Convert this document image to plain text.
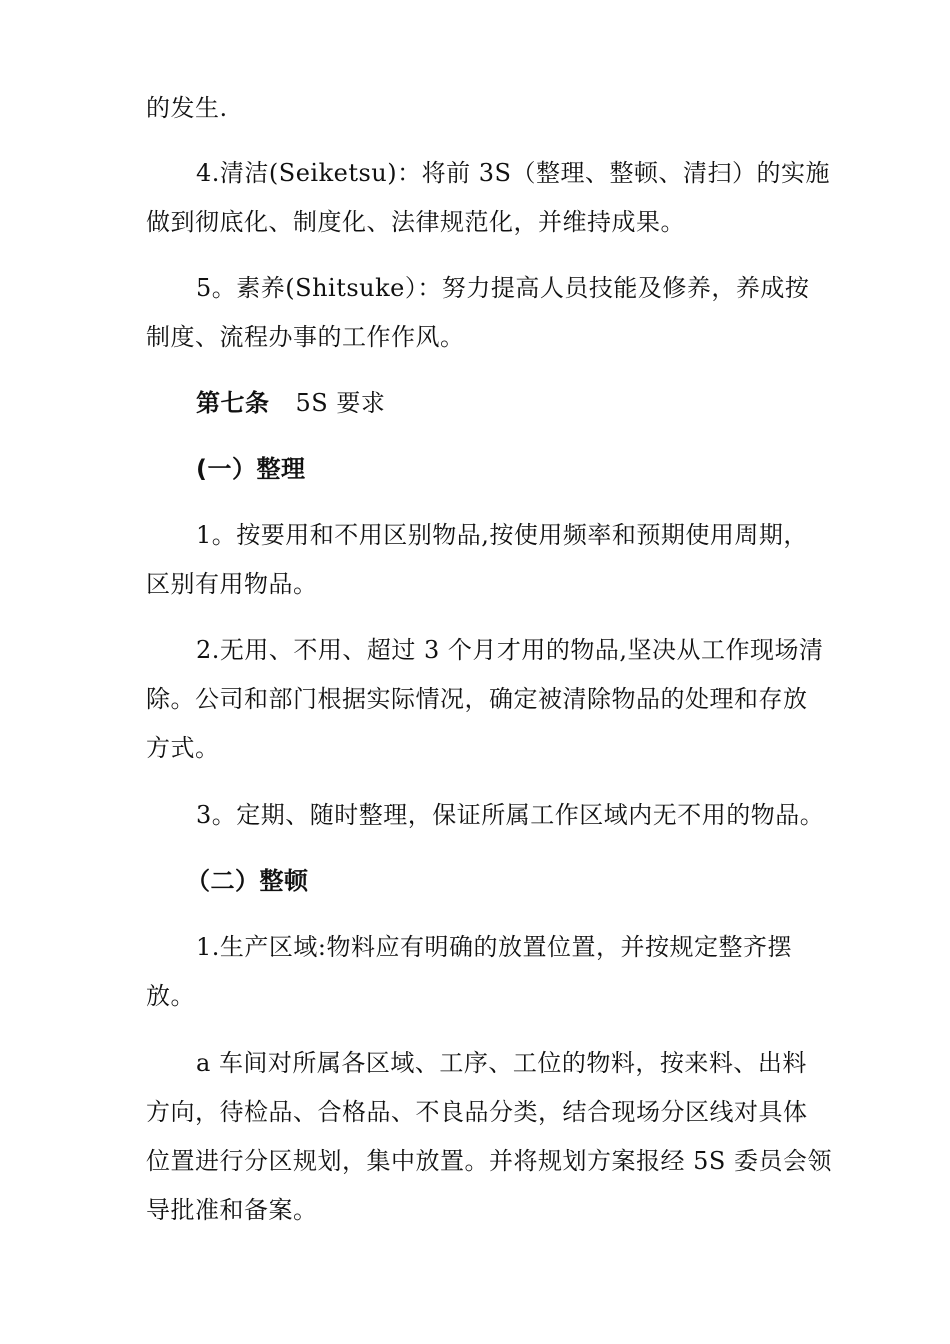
的发生.
4.清洁(Seiketsu)：将前 3S（整理、整顿、清扫）的实施
做到彻底化、制度化、法律规范化，并维持成果。
5。素养(Shitsuke）：努力提高人员技能及修养，养成按
制度、流程办事的工作作风。
第七条 5S 要求
(一）整理
1。按要用和不用区别物品,按使用频率和预期使用周期，
区别有用物品。
2.无用、不用、超过 3 个月才用的物品,坚决从工作现场清
除。公司和部门根据实际情况，确定被清除物品的处理和存放
方式。
3。定期、随时整理，保证所属工作区域内无不用的物品。
（二）整顿
1.生产区域:物料应有明确的放置位置，并按规定整齐摆
放。
a 车间对所属各区域、工序、工位的物料，按来料、出料
方向，待检品、合格品、不良品分类，结合现场分区线对具体
位置进行分区规划，集中放置。并将规划方案报经 5S 委员会领
导批准和备案。
